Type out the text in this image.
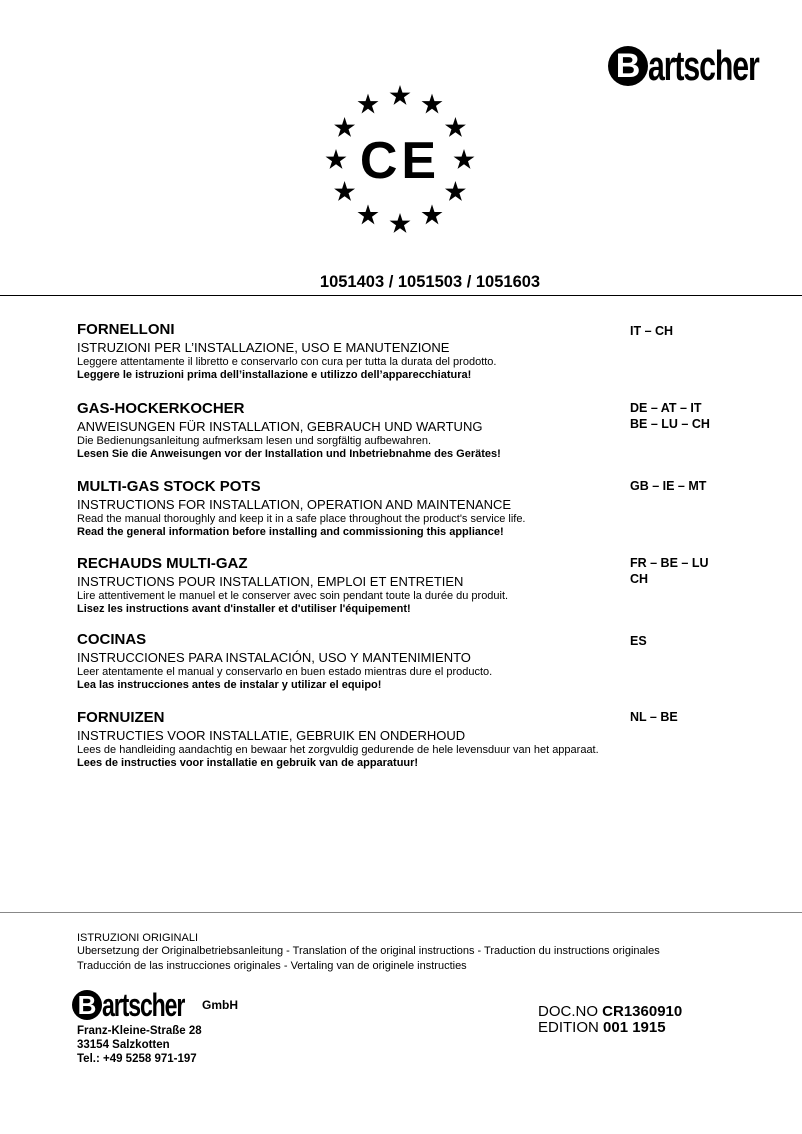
B artscher
CE
1051403 / 1051503 / 1051603
FORNELLONI
ISTRUZIONI PER L’INSTALLAZIONE, USO E MANUTENZIONE
Leggere attentamente il libretto e conservarlo con cura per tutta la durata del prodotto.
Leggere le istruzioni prima dell’installazione e utilizzo dell’apparecchiatura!
IT – CH
GAS-HOCKERKOCHER
ANWEISUNGEN FÜR INSTALLATION, GEBRAUCH UND WARTUNG
Die Bedienungsanleitung aufmerksam lesen und sorgfältig aufbewahren.
Lesen Sie die Anweisungen vor der Installation und Inbetriebnahme des Gerätes!
DE – AT – IT
BE – LU – CH
MULTI-GAS STOCK POTS
INSTRUCTIONS FOR INSTALLATION, OPERATION AND MAINTENANCE
Read the manual thoroughly and keep it in a safe place throughout the product's service life.
Read the general information before installing and commissioning this appliance!
GB – IE – MT
RECHAUDS MULTI-GAZ
INSTRUCTIONS POUR INSTALLATION, EMPLOI ET ENTRETIEN
Lire attentivement le manuel et le conserver avec soin pendant toute la durée du produit.
Lisez les instructions avant d'installer et d'utiliser l'équipement!
FR – BE – LU
CH
COCINAS
INSTRUCCIONES PARA INSTALACIÓN, USO Y MANTENIMIENTO
Leer atentamente el manual y conservarlo en buen estado mientras dure el producto.
Lea las instrucciones antes de instalar y utilizar el equipo!
ES
FORNUIZEN
INSTRUCTIES VOOR INSTALLATIE, GEBRUIK EN ONDERHOUD
Lees de handleiding aandachtig en bewaar het zorgvuldig gedurende de hele levensduur van het apparaat.
Lees de instructies voor installatie en gebruik van de apparatuur!
NL – BE
ISTRUZIONI ORIGINALI
Ubersetzung der Originalbetriebsanleitung - Translation of the original instructions - Traduction du instructions originales
Traducción de las instrucciones originales - Vertaling van de originele instructies
B artscher GmbH
Franz-Kleine-Straße 28
33154 Salzkotten
Tel.: +49 5258 971-197
DOC.NO CR1360910
EDITION 001 1915
